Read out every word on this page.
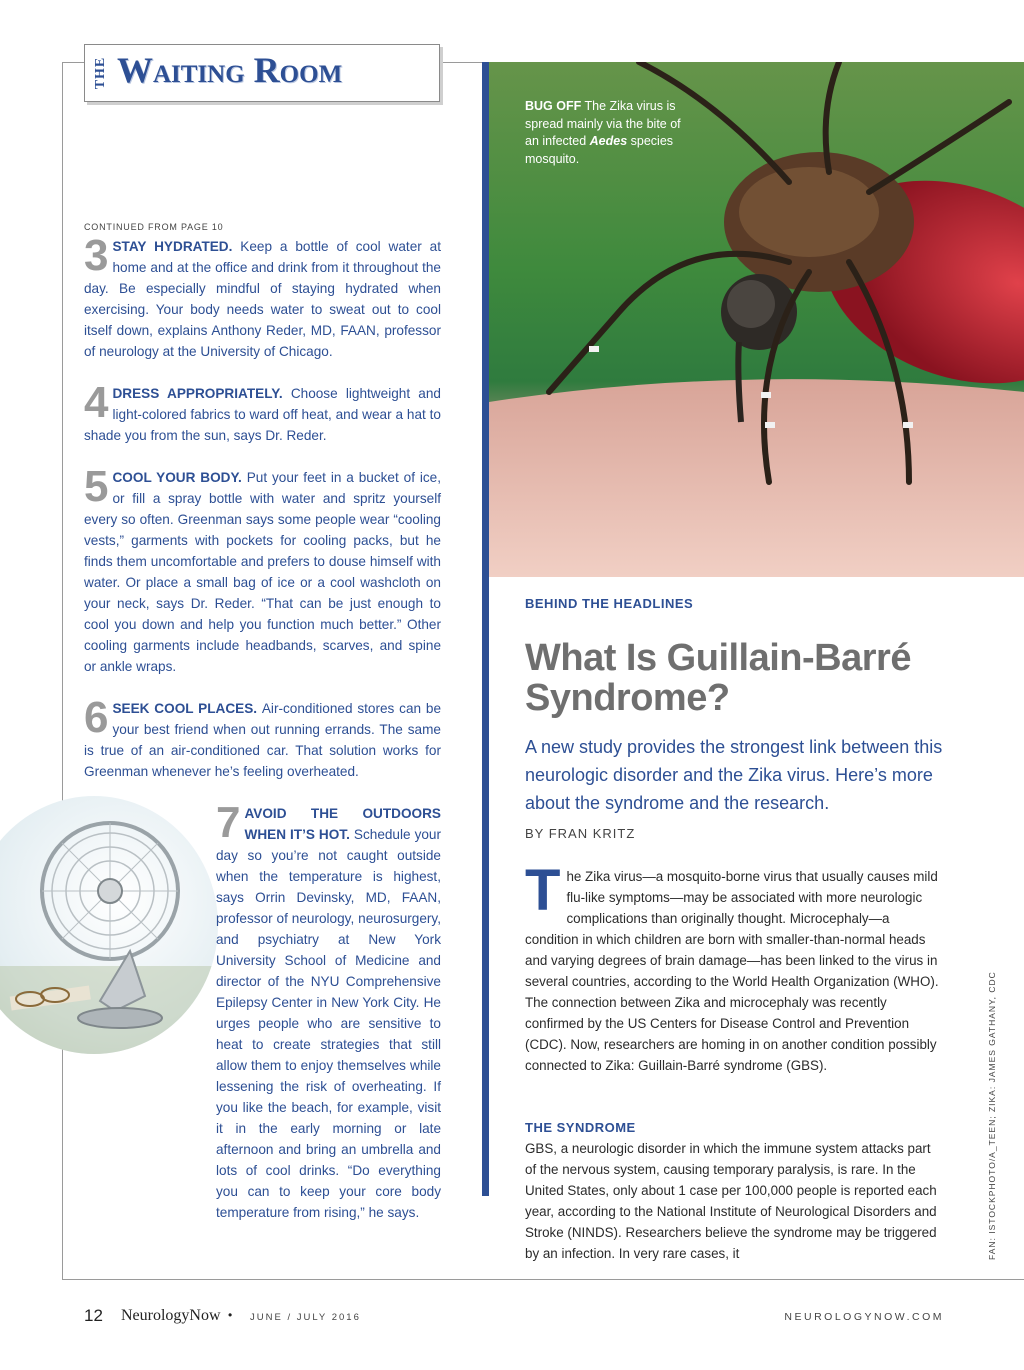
THE Waiting Room
CONTINUED FROM PAGE 10
3 STAY HYDRATED. Keep a bottle of cool water at home and at the office and drink from it throughout the day. Be especially mindful of staying hydrated when exercising. Your body needs water to sweat out to cool itself down, explains Anthony Reder, MD, FAAN, professor of neurology at the University of Chicago.
4 DRESS APPROPRIATELY. Choose lightweight and light-colored fabrics to ward off heat, and wear a hat to shade you from the sun, says Dr. Reder.
5 COOL YOUR BODY. Put your feet in a bucket of ice, or fill a spray bottle with water and spritz yourself every so often. Greenman says some people wear “cooling vests,” garments with pockets for cooling packs, but he finds them uncomfortable and prefers to douse himself with water. Or place a small bag of ice or a cool washcloth on your neck, says Dr. Reder. “That can be just enough to cool you down and help you function much better.” Other cooling garments include headbands, scarves, and spine or ankle wraps.
6 SEEK COOL PLACES. Air-conditioned stores can be your best friend when out running errands. The same is true of an air-conditioned car. That solution works for Greenman whenever he’s feeling overheated.
7 AVOID THE OUTDOORS WHEN IT’S HOT. Schedule your day so you’re not caught outside when the temperature is highest, says Orrin Devinsky, MD, FAAN, professor of neurology, neurosurgery, and psychiatry at New York University School of Medicine and director of the NYU Comprehensive Epilepsy Center in New York City. He urges people who are sensitive to heat to create strategies that still allow them to enjoy themselves while lessening the risk of overheating. If you like the beach, for example, visit it in the early morning or late afternoon and bring an umbrella and lots of cool drinks. “Do everything you can to keep your core body temperature from rising,” he says.
BUG OFF The Zika virus is spread mainly via the bite of an infected Aedes species mosquito.
BEHIND THE HEADLINES
What Is Guillain-Barré Syndrome?
A new study provides the strongest link between this neurologic disorder and the Zika virus. Here’s more about the syndrome and the research.
BY FRAN KRITZ
The Zika virus—a mosquito-borne virus that usually causes mild flu-like symptoms—may be associated with more neurologic complications than originally thought. Microcephaly—a condition in which children are born with smaller-than-normal heads and varying degrees of brain damage—has been linked to the virus in several countries, according to the World Health Organization (WHO). The connection between Zika and microcephaly was recently confirmed by the US Centers for Disease Control and Prevention (CDC). Now, researchers are homing in on another condition possibly connected to Zika: Guillain-Barré syndrome (GBS).
THE SYNDROME
GBS, a neurologic disorder in which the immune system attacks part of the nervous system, causing temporary paralysis, is rare. In the United States, only about 1 case per 100,000 people is reported each year, according to the National Institute of Neurological Disorders and Stroke (NINDS). Researchers believe the syndrome may be triggered by an infection. In very rare cases, it	FAN: ISTOCKPHOTO/A_TEEN; ZIKA: JAMES GATHANY, CDC
12 NeurologyNow • JUNE / JULY 2016	NEUROLOGYNOW.COM
